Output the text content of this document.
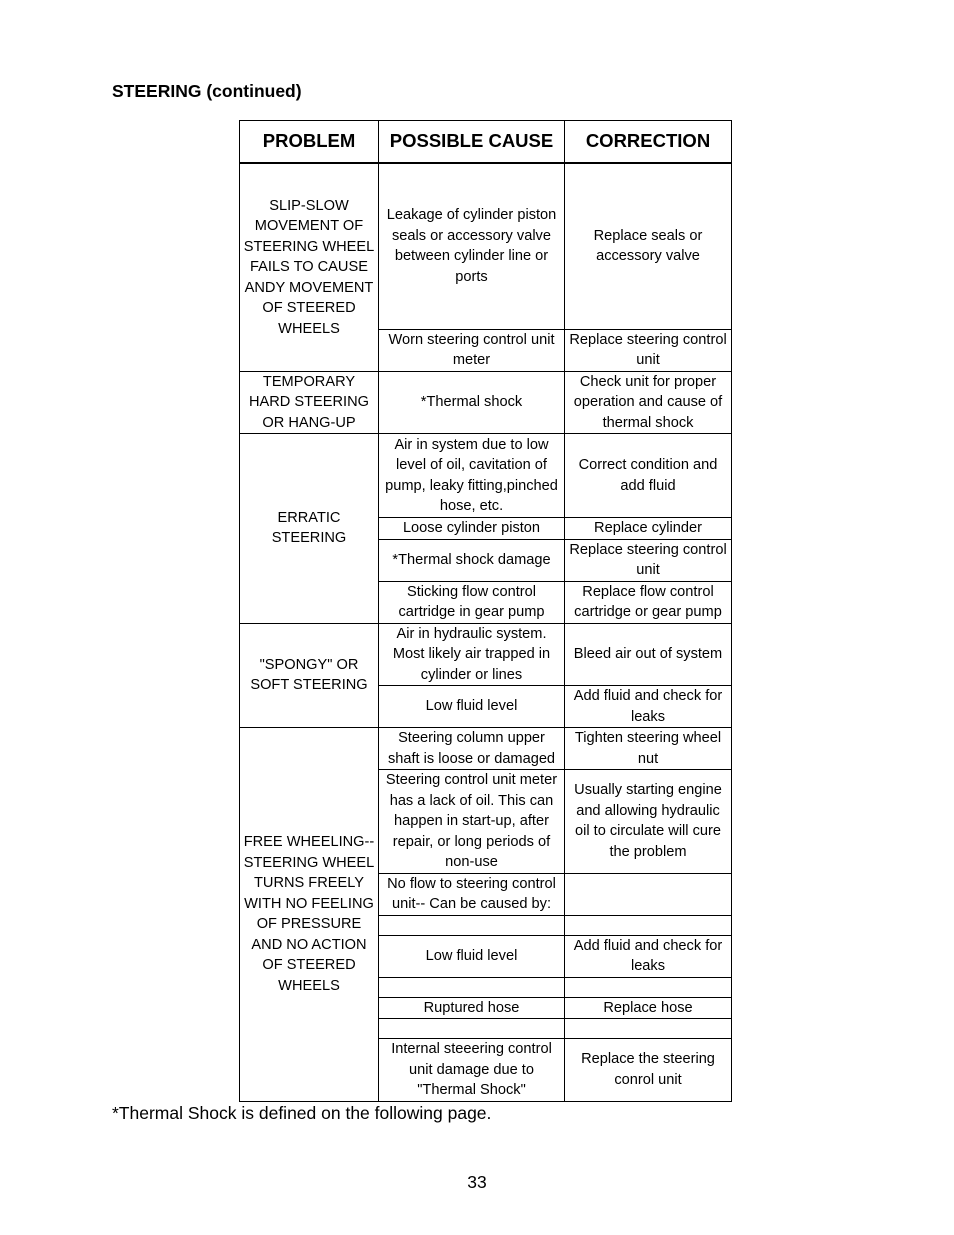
STEERING (continued)
PROBLEM	POSSIBLE CAUSE	CORRECTION
SLIP-SLOW MOVEMENT OF STEERING WHEEL FAILS TO CAUSE ANDY MOVEMENT OF STEERED WHEELS	Leakage of cylinder piston seals or accessory valve between cylinder line or ports	Replace seals or accessory valve
	Worn steering control unit meter	Replace steering control unit
TEMPORARY HARD STEERING OR HANG-UP	*Thermal shock	Check unit for proper operation and cause of thermal shock
ERRATIC STEERING	Air in system due to low level of oil, cavitation of pump, leaky fitting,pinched hose, etc.	Correct condition and add fluid
	Loose cylinder piston	Replace cylinder
	*Thermal shock damage	Replace steering control unit
	Sticking flow control cartridge in gear pump	Replace flow control cartridge or gear pump
"SPONGY" OR SOFT STEERING	Air in hydraulic system. Most likely air trapped in cylinder or lines	Bleed air out of system
	Low fluid level	Add fluid and check for leaks
FREE WHEELING--STEERING WHEEL TURNS FREELY WITH NO FEELING OF PRESSURE AND NO ACTION OF STEERED WHEELS	Steering column upper shaft is loose or damaged	Tighten steering wheel nut
	Steering control unit meter has a lack of oil. This can happen in start-up, after repair, or long periods of non-use	Usually starting engine and allowing hydraulic oil to circulate will cure the problem
	No flow to steering control unit-- Can be caused by:	

	Low fluid level	Add fluid and check for leaks

	Ruptured hose	Replace hose

	Internal steeering control unit damage due to "Thermal Shock"	Replace the steering conrol unit

*Thermal Shock is defined on the following page.

33
